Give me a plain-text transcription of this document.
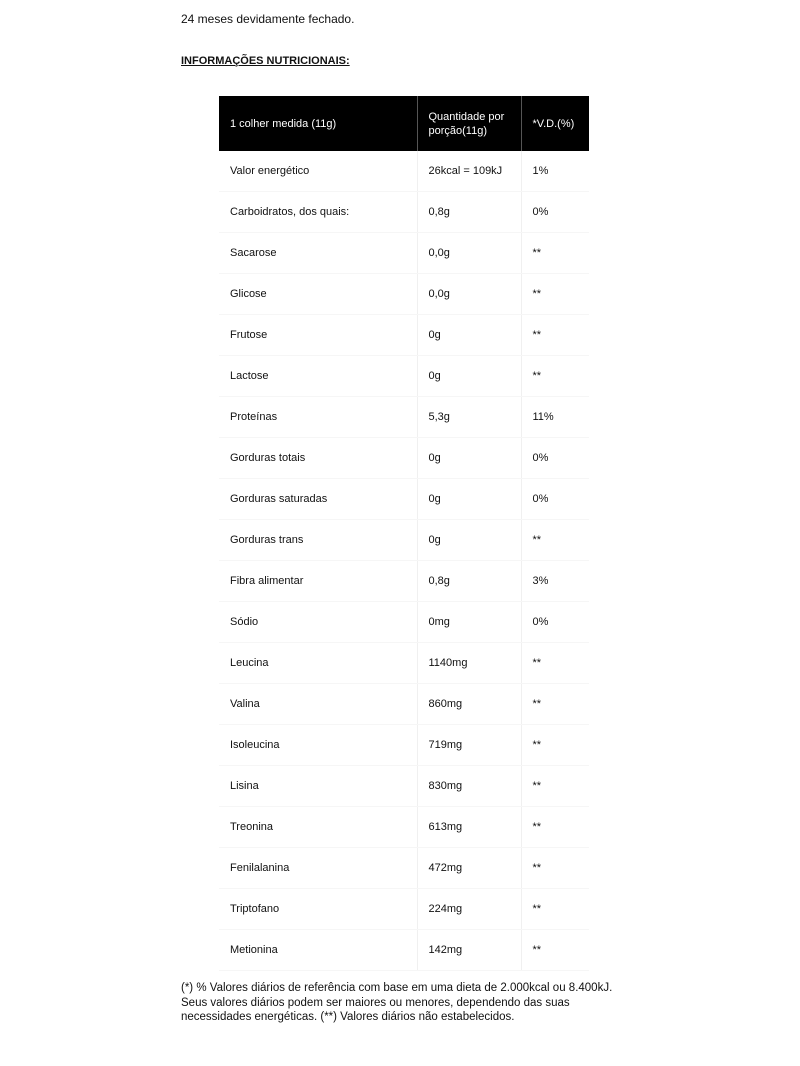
24 meses devidamente fechado.
INFORMAÇÕES NUTRICIONAIS:
1 colher medida (11g)	Quantidade por porção(11g)	*V.D.(%)
Valor energético	26kcal = 109kJ	1%
Carboidratos, dos quais:	0,8g	0%
Sacarose	0,0g	**
Glicose	0,0g	**
Frutose	0g	**
Lactose	0g	**
Proteínas	5,3g	11%
Gorduras totais	0g	0%
Gorduras saturadas	0g	0%
Gorduras trans	0g	**
Fibra alimentar	0,8g	3%
Sódio	0mg	0%
Leucina	1140mg	**
Valina	860mg	**
Isoleucina	719mg	**
Lisina	830mg	**
Treonina	613mg	**
Fenilalanina	472mg	**
Triptofano	224mg	**
Metionina	142mg	**
(*) % Valores diários de referência com base em uma dieta de 2.000kcal ou 8.400kJ. Seus valores diários podem ser maiores ou menores, dependendo das suas necessidades energéticas. (**) Valores diários não estabelecidos.
